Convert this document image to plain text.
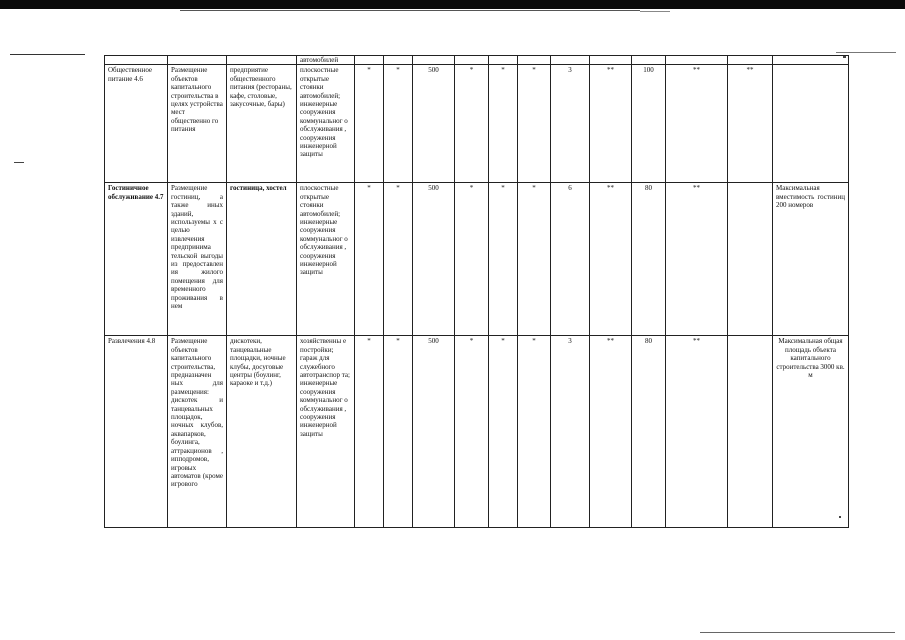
			автомобилей												
Общественное питание 4.6	Размещение объектов капитального строительства в целях устройства мест общественно го питания	предприятие общественного питания (рестораны, кафе, столовые, закусочные, бары)	плоскостные открытые стоянки автомобилей; инженерные сооружения коммунальног о обслуживания , сооружения инженерной защиты	*	*	500	*	*	*	3	**	100	**	**	
Гостиничное обслуживание 4.7	Размещение гостиниц, а также иных зданий, используемы х с целью извлечения предпринима тельской выгоды из предоставлен ия жилого помещения для временного проживания в нем	гостиница, хостел	плоскостные открытые стоянки автомобилей; инженерные сооружения коммунальног о обслуживания , сооружения инженерной защиты	*	*	500	*	*	*	6	**	80	**		Максимальная вместимость гостиниц 200 номеров
Развлечения 4.8	Размещение объектов капитального строительства, предназначен ных для размещения: дискотек и танцевальных площадок, ночных клубов, аквапарков, боулинга, аттракционов , ипподромов, игровых автоматов (кроме игрового	дискотеки, танцевальные площадки, ночные клубы, досуговые центры (боулинг, караоке и т.д.)	хозяйственны е постройки; гараж для служебного автотранспор та; инженерные сооружения коммунальног о обслуживания , сооружения инженерной защиты	*	*	500	*	*	*	3	**	80	**		Максимальная общая площадь объекта капитального строительства 3000 кв. м
